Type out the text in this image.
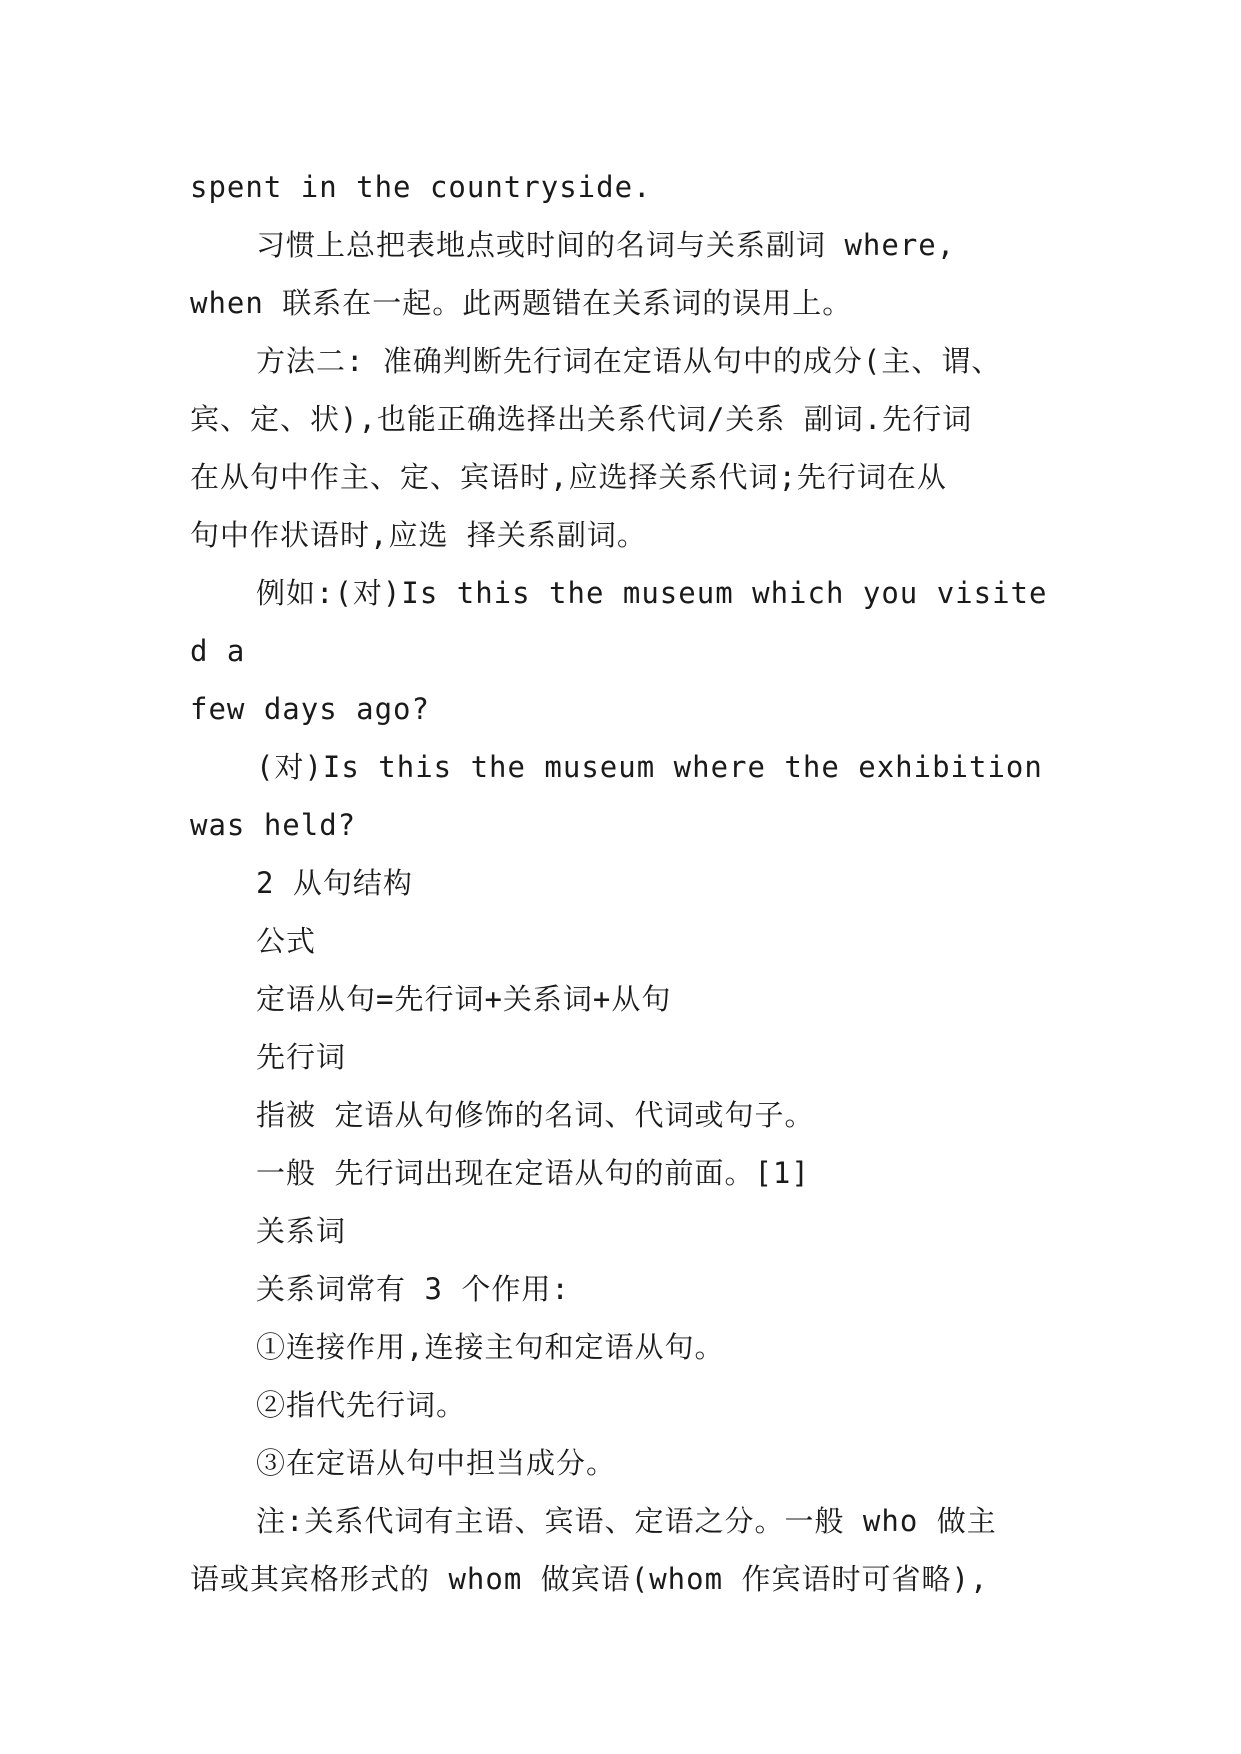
spent in the countryside.

习惯上总把表地点或时间的名词与关系副词 where,
when 联系在一起。此两题错在关系词的误用上。

方法二: 准确判断先行词在定语从句中的成分(主、谓、
宾、定、状),也能正确选择出关系代词/关系 副词.先行词
在从句中作主、定、宾语时,应选择关系代词;先行词在从
句中作状语时,应选 择关系副词。

例如:(对)Is this the museum which you visited a
few days ago?

(对)Is this the museum where the exhibition
was held?

2 从句结构

公式

定语从句=先行词+关系词+从句

先行词

指被 定语从句修饰的名词、代词或句子。

一般 先行词出现在定语从句的前面。[1]

关系词

关系词常有 3 个作用:

①连接作用,连接主句和定语从句。

②指代先行词。

③在定语从句中担当成分。

注:关系代词有主语、宾语、定语之分。一般 who 做主
语或其宾格形式的 whom 做宾语(whom 作宾语时可省略),
